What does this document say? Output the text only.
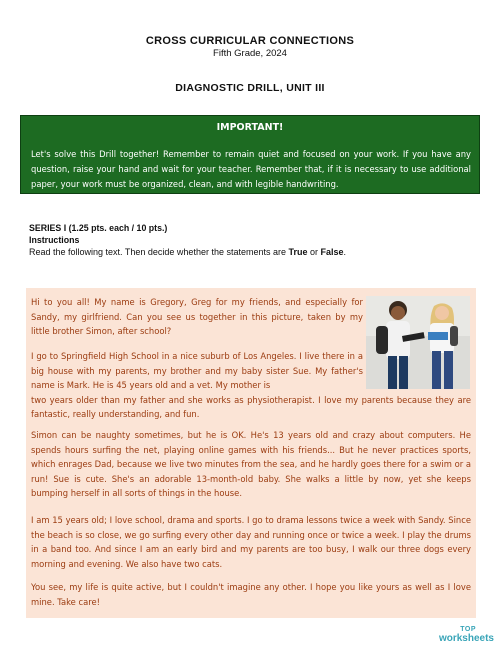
CROSS CURRICULAR CONNECTIONS
Fifth Grade, 2024
DIAGNOSTIC DRILL, UNIT III
IMPORTANT!
Let's solve this Drill together! Remember to remain quiet and focused on your work. If you have any question, raise your hand and wait for your teacher. Remember that, if it is necessary to use additional paper, your work must be organized, clean, and with legible handwriting.
SERIES I (1.25 pts. each / 10 pts.)
Instructions
Read the following text. Then decide whether the statements are True or False.
Hi to you all! My name is Gregory, Greg for my friends, and especially for Sandy, my girlfriend. Can you see us together in this picture, taken by my little brother Simon, after school?
I go to Springfield High School in a nice suburb of Los Angeles. I live there in a big house with my parents, my brother and my baby sister Sue. My father's name is Mark. He is 45 years old and a vet. My mother is
two years older than my father and she works as physiotherapist. I love my parents because they are fantastic, really understanding, and fun.
Simon can be naughty sometimes, but he is OK. He's 13 years old and crazy about computers. He spends hours surfing the net, playing online games with his friends... But he never practices sports, which enrages Dad, because we live two minutes from the sea, and he hardly goes there for a swim or a run! Sue is cute. She's an adorable 13-month-old baby. She walks a little by now, yet she keeps bumping herself in all sorts of things in the house.
I am 15 years old; I love school, drama and sports. I go to drama lessons twice a week with Sandy. Since the beach is so close, we go surfing every other day and running once or twice a week. I play the drums in a band too. And since I am an early bird and my parents are too busy, I walk our three dogs every morning and evening. We also have two cats.
You see, my life is quite active, but I couldn't imagine any other. I hope you like yours as well as I love mine. Take care!
TOP
worksheets
